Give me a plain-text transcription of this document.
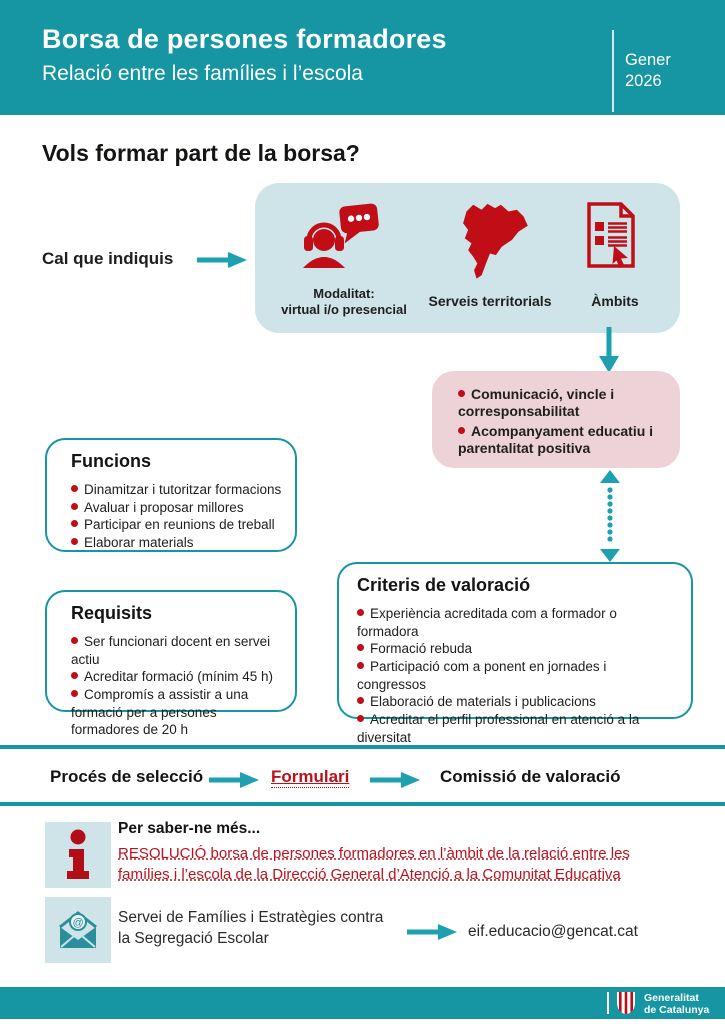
Borsa de persones formadores
Relació entre les famílies i l’escola
Gener
2026
Vols formar part de la borsa?
Cal que indiquis
Modalitat:
virtual i/o presencial
Serveis territorials	Àmbits
Comunicació, vincle i corresponsabilitat
Acompanyament educatiu i parentalitat positiva
Funcions
Dinamitzar i tutoritzar formacions
Avaluar i proposar millores
Participar en reunions de treball
Elaborar materials
Requisits
Ser funcionari docent en servei actiu
Acreditar formació (mínim 45 h)
Compromís a assistir a una formació per a persones formadores de 20 h
Criteris de valoració
Experiència acreditada com a formador o formadora
Formació rebuda
Participació com a ponent en jornades i congressos
Elaboració de materials i publicacions
Acreditar el perfil professional en atenció a la diversitat
Procés de selecció	Formulari	Comissió de valoració
Per saber-ne més...
RESOLUCIÓ borsa de persones formadores en l’àmbit de la relació entre les famílies i l’escola de la Direcció General d’Atenció a la Comunitat Educativa
@ Servei de Famílies i Estratègies contra la Segregació Escolar	eif.educacio@gencat.cat
Generalitat
de Catalunya
